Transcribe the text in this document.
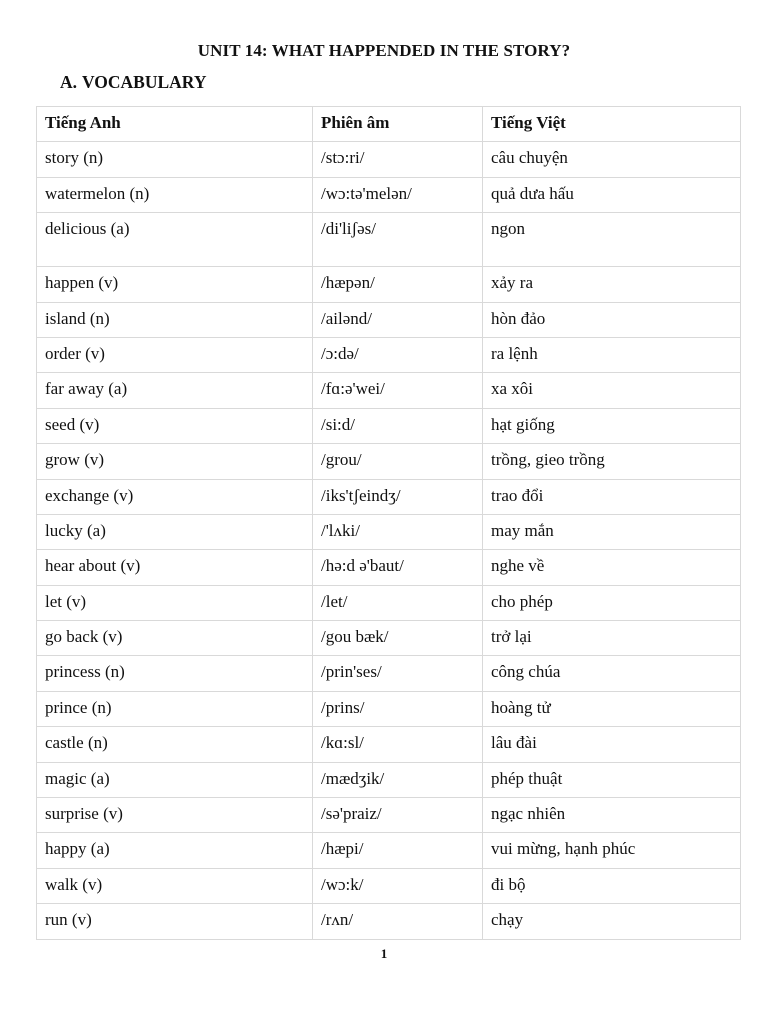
UNIT 14: WHAT HAPPENDED IN THE STORY?
A. VOCABULARY
Tiếng Anh	Phiên âm	Tiếng Việt
story (n)	/stɔ:ri/	câu chuyện
watermelon (n)	/wɔ:tə'melən/	quả dưa hấu
delicious (a)	/di'liʃəs/	ngon
happen (v)	/hæpən/	xảy ra
island (n)	/ailənd/	hòn đảo
order (v)	/ɔ:də/	ra lệnh
far away (a)	/fɑ:ə'wei/	xa xôi
seed (v)	/si:d/	hạt giống
grow (v)	/grou/	trồng, gieo trồng
exchange (v)	/iks'tʃeindʒ/	trao đổi
lucky (a)	/'lʌki/	may mắn
hear about (v)	/hə:d ə'baut/	nghe về
let (v)	/let/	cho phép
go back (v)	/gou bæk/	trở lại
princess (n)	/prin'ses/	công chúa
prince (n)	/prins/	hoàng tử
castle (n)	/kɑ:sl/	lâu đài
magic (a)	/mædʒik/	phép thuật
surprise (v)	/sə'praiz/	ngạc nhiên
happy (a)	/hæpi/	vui mừng, hạnh phúc
walk (v)	/wɔ:k/	đi bộ
run (v)	/rʌn/	chạy
1
